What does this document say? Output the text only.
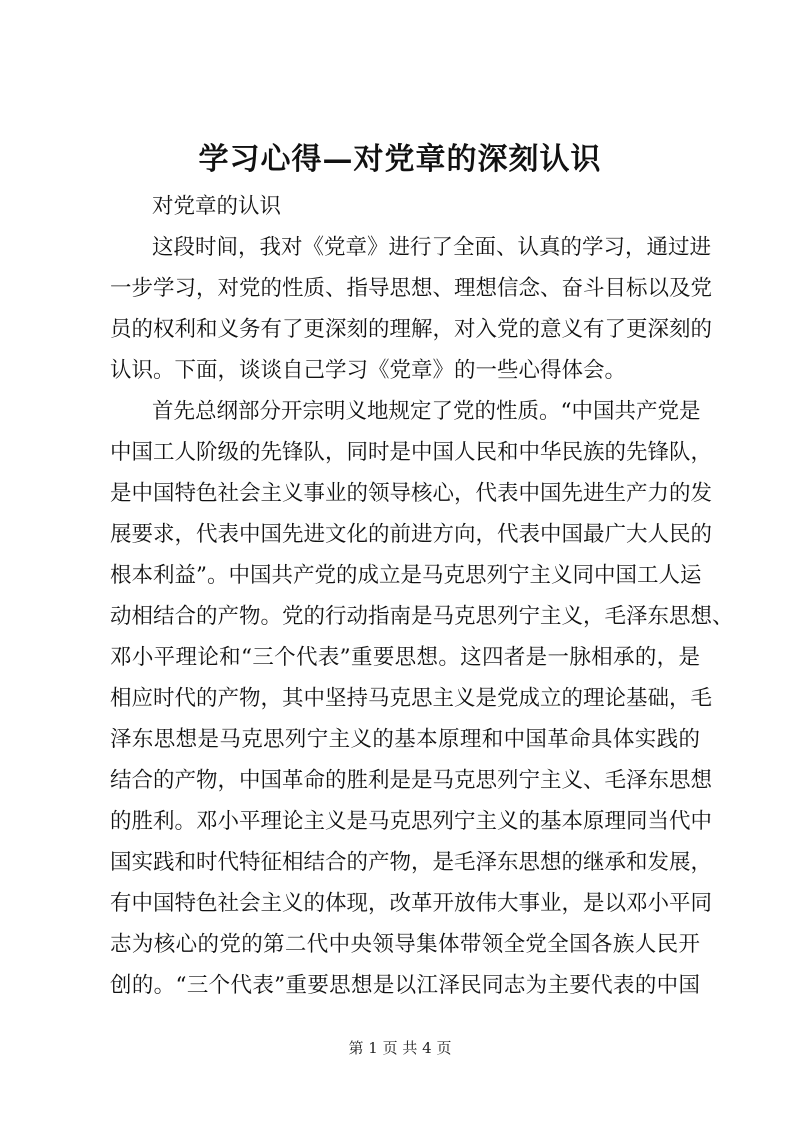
学习心得—对党章的深刻认识
对党章的认识
这段时间，我对《党章》进行了全面、认真的学习，通过进
一步学习，对党的性质、指导思想、理想信念、奋斗目标以及党
员的权利和义务有了更深刻的理解，对入党的意义有了更深刻的
认识。下面，谈谈自己学习《党章》的一些心得体会。
首先总纲部分开宗明义地规定了党的性质。“中国共产党是
中国工人阶级的先锋队，同时是中国人民和中华民族的先锋队，
是中国特色社会主义事业的领导核心，代表中国先进生产力的发
展要求，代表中国先进文化的前进方向，代表中国最广大人民的
根本利益”。中国共产党的成立是马克思列宁主义同中国工人运
动相结合的产物。党的行动指南是马克思列宁主义，毛泽东思想、
邓小平理论和“三个代表”重要思想。这四者是一脉相承的，是
相应时代的产物，其中坚持马克思主义是党成立的理论基础，毛
泽东思想是马克思列宁主义的基本原理和中国革命具体实践的
结合的产物，中国革命的胜利是是马克思列宁主义、毛泽东思想
的胜利。邓小平理论主义是马克思列宁主义的基本原理同当代中
国实践和时代特征相结合的产物，是毛泽东思想的继承和发展，
有中国特色社会主义的体现，改革开放伟大事业，是以邓小平同
志为核心的党的第二代中央领导集体带领全党全国各族人民开
创的。“三个代表”重要思想是以江泽民同志为主要代表的中国
第 1 页 共 4 页
